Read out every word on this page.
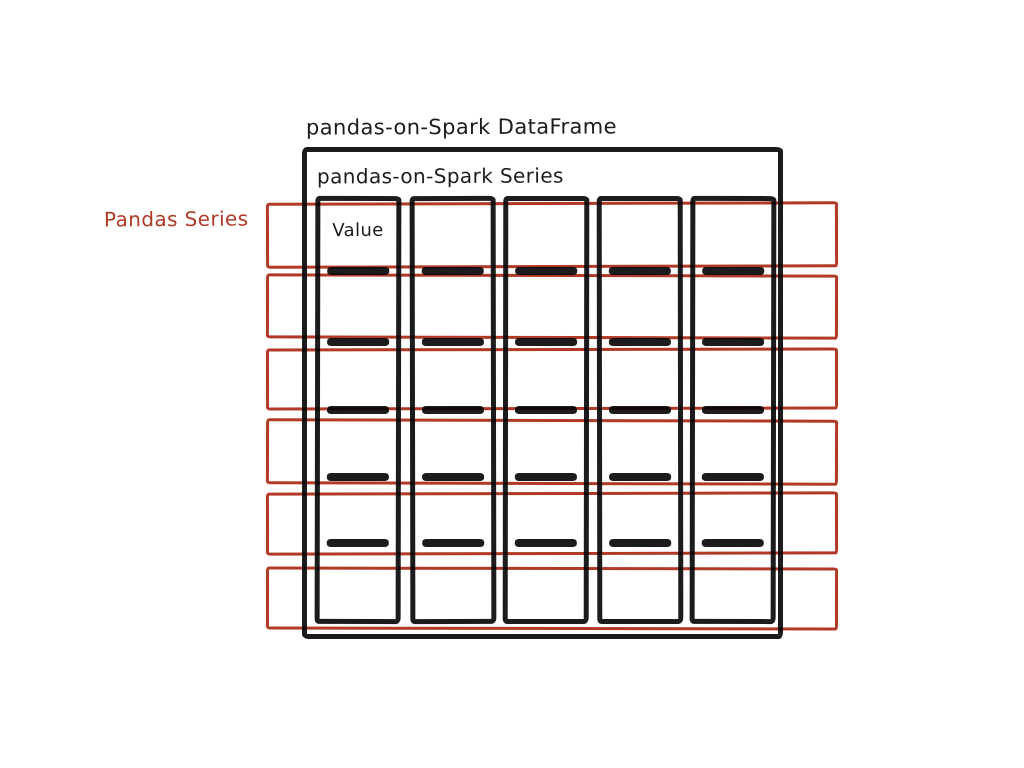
pandas-on-Spark DataFrame
pandas-on-Spark Series
Pandas Series	Value
